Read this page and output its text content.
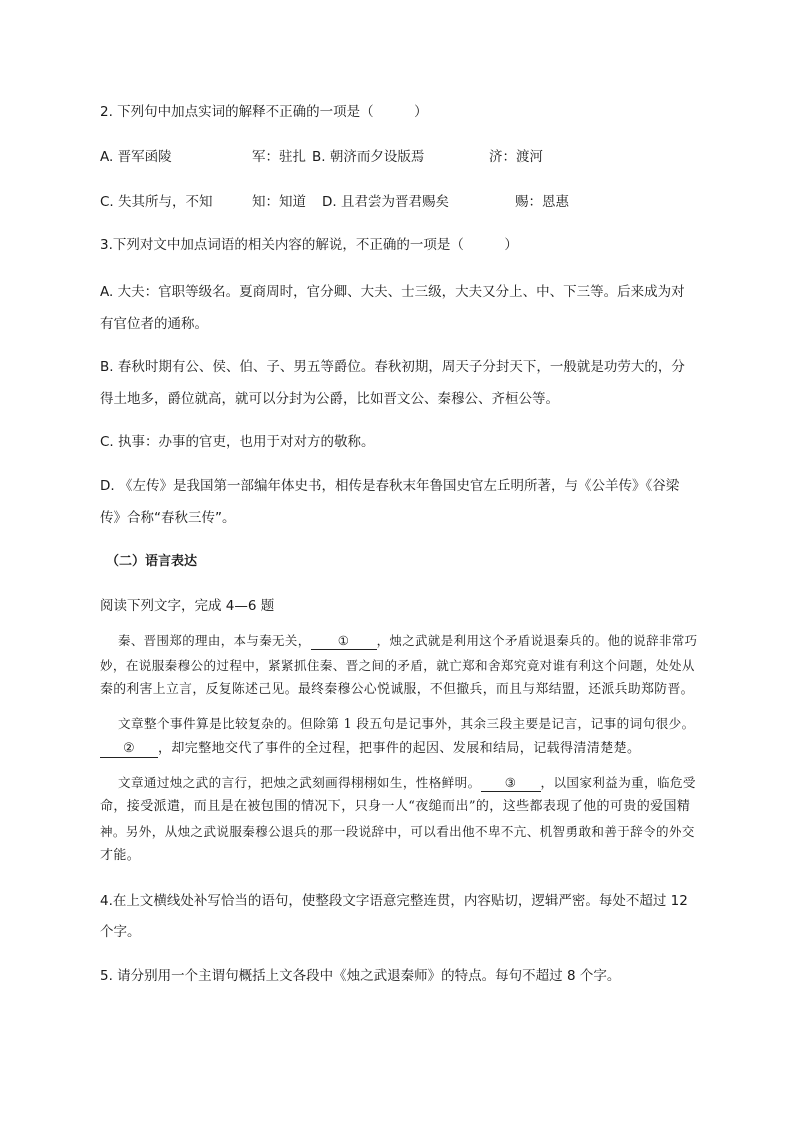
2. 下列句中加点实词的解释不正确的一项是（　　　）
A. 晋军函陵	军：驻扎 B. 朝济而夕设版焉	济：渡河
C. 失其所与，不知	知：知道 D. 且君尝为晋君赐矣	赐：恩惠
3.下列对文中加点词语的相关内容的解说，不正确的一项是（　　　）
A. 大夫：官职等级名。夏商周时，官分卿、大夫、士三级，大夫又分上、中、下三等。后来成为对
有官位者的通称。
B. 春秋时期有公、侯、伯、子、男五等爵位。春秋初期，周天子分封天下，一般就是功劳大的，分
得土地多，爵位就高，就可以分封为公爵，比如晋文公、秦穆公、齐桓公等。
C. 执事：办事的官吏，也用于对对方的敬称。
D. 《左传》是我国第一部编年体史书，相传是春秋末年鲁国史官左丘明所著，与《公羊传》《谷梁
传》合称“春秋三传”。
（二）语言表达
阅读下列文字，完成 4—6 题
秦、晋围郑的理由，本与秦无关， ① ，烛之武就是利用这个矛盾说退秦兵的。他的说辞非常巧
妙，在说服秦穆公的过程中，紧紧抓住秦、晋之间的矛盾，就亡郑和舍郑究竟对谁有利这个问题，处处从
秦的利害上立言，反复陈述己见。最终秦穆公心悦诚服，不但撤兵，而且与郑结盟，还派兵助郑防晋。
文章整个事件算是比较复杂的。但除第 1 段五句是记事外，其余三段主要是记言，记事的词句很少。
② ，却完整地交代了事件的全过程，把事件的起因、发展和结局，记载得清清楚楚。
文章通过烛之武的言行，把烛之武刻画得栩栩如生，性格鲜明。 ③ ，以国家利益为重，临危受
命，接受派遣，而且是在被包围的情况下，只身一人“夜缒而出”的，这些都表现了他的可贵的爱国精
神。另外，从烛之武说服秦穆公退兵的那一段说辞中，可以看出他不卑不亢、机智勇敢和善于辞令的外交
才能。
4.在上文横线处补写恰当的语句，使整段文字语意完整连贯，内容贴切，逻辑严密。每处不超过 12
个字。
5. 请分别用一个主谓句概括上文各段中《烛之武退秦师》的特点。每句不超过 8 个字。
